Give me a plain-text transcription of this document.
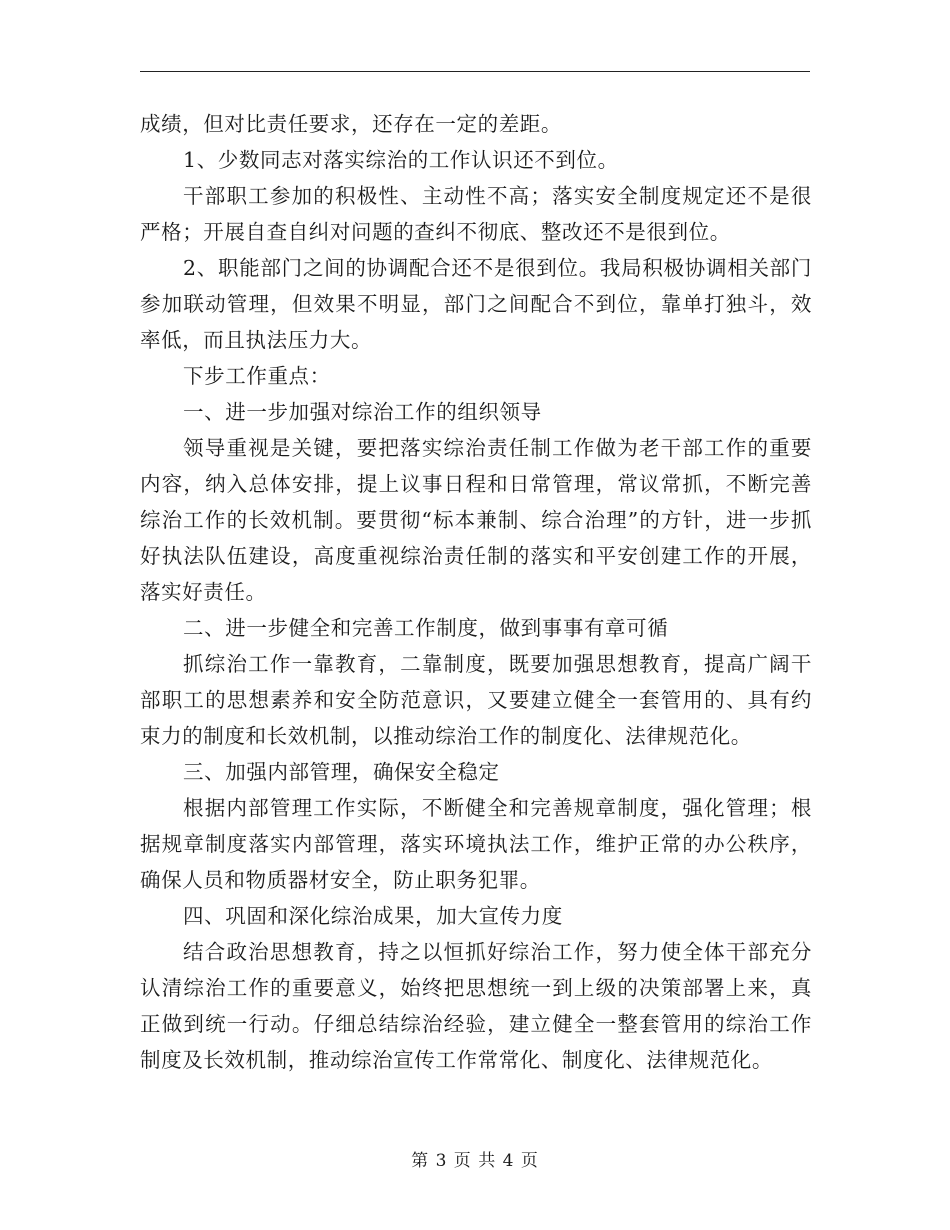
成绩，但对比责任要求，还存在一定的差距。

1、少数同志对落实综治的工作认识还不到位。

干部职工参加的积极性、主动性不高；落实安全制度规定还不是很严格；开展自查自纠对问题的查纠不彻底、整改还不是很到位。

2、职能部门之间的协调配合还不是很到位。我局积极协调相关部门参加联动管理，但效果不明显，部门之间配合不到位，靠单打独斗，效率低，而且执法压力大。

下步工作重点：

一、进一步加强对综治工作的组织领导

领导重视是关键，要把落实综治责任制工作做为老干部工作的重要内容，纳入总体安排，提上议事日程和日常管理，常议常抓，不断完善综治工作的长效机制。要贯彻“标本兼制、综合治理”的方针，进一步抓好执法队伍建设，高度重视综治责任制的落实和平安创建工作的开展，落实好责任。

二、进一步健全和完善工作制度，做到事事有章可循

抓综治工作一靠教育，二靠制度，既要加强思想教育，提高广阔干部职工的思想素养和安全防范意识，又要建立健全一套管用的、具有约束力的制度和长效机制，以推动综治工作的制度化、法律规范化。

三、加强内部管理，确保安全稳定

根据内部管理工作实际，不断健全和完善规章制度，强化管理；根据规章制度落实内部管理，落实环境执法工作，维护正常的办公秩序，确保人员和物质器材安全，防止职务犯罪。

四、巩固和深化综治成果，加大宣传力度

结合政治思想教育，持之以恒抓好综治工作，努力使全体干部充分认清综治工作的重要意义，始终把思想统一到上级的决策部署上来，真正做到统一行动。仔细总结综治经验，建立健全一整套管用的综治工作制度及长效机制，推动综治宣传工作常常化、制度化、法律规范化。

第 3 页 共 4 页
